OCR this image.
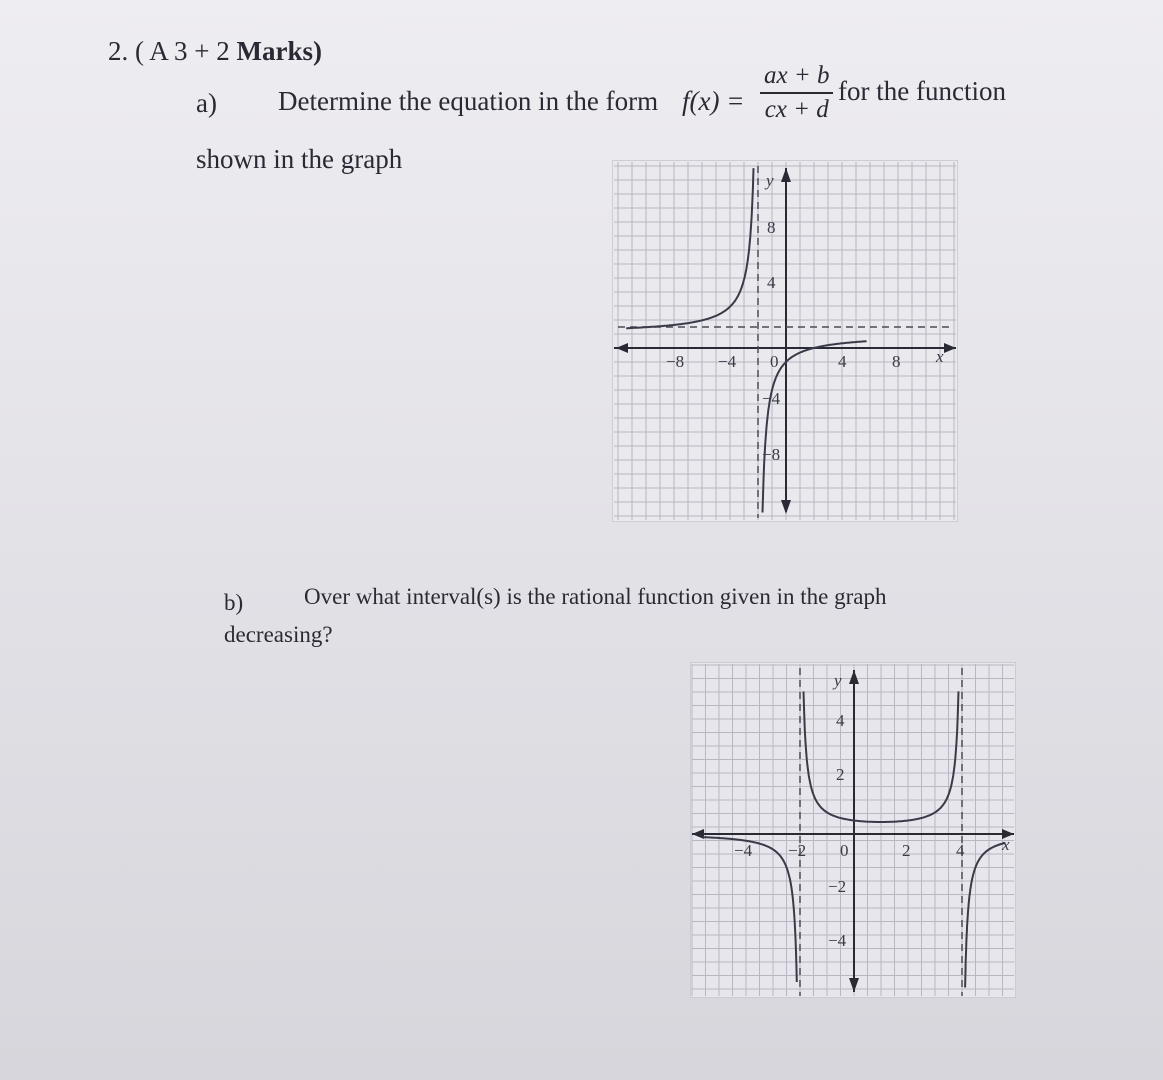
2. ( A 3 + 2 Marks)
a) Determine the equation in the form f(x) =
ax + b
cx + d
for the function
shown in the graph
y
x
−8 −4 0	4	8
8
4
−4
−8
b)	Over what interval(s) is the rational function given in the graph
decreasing?
y
x
−4 −2 0	2	4
4
2
−2
−4
